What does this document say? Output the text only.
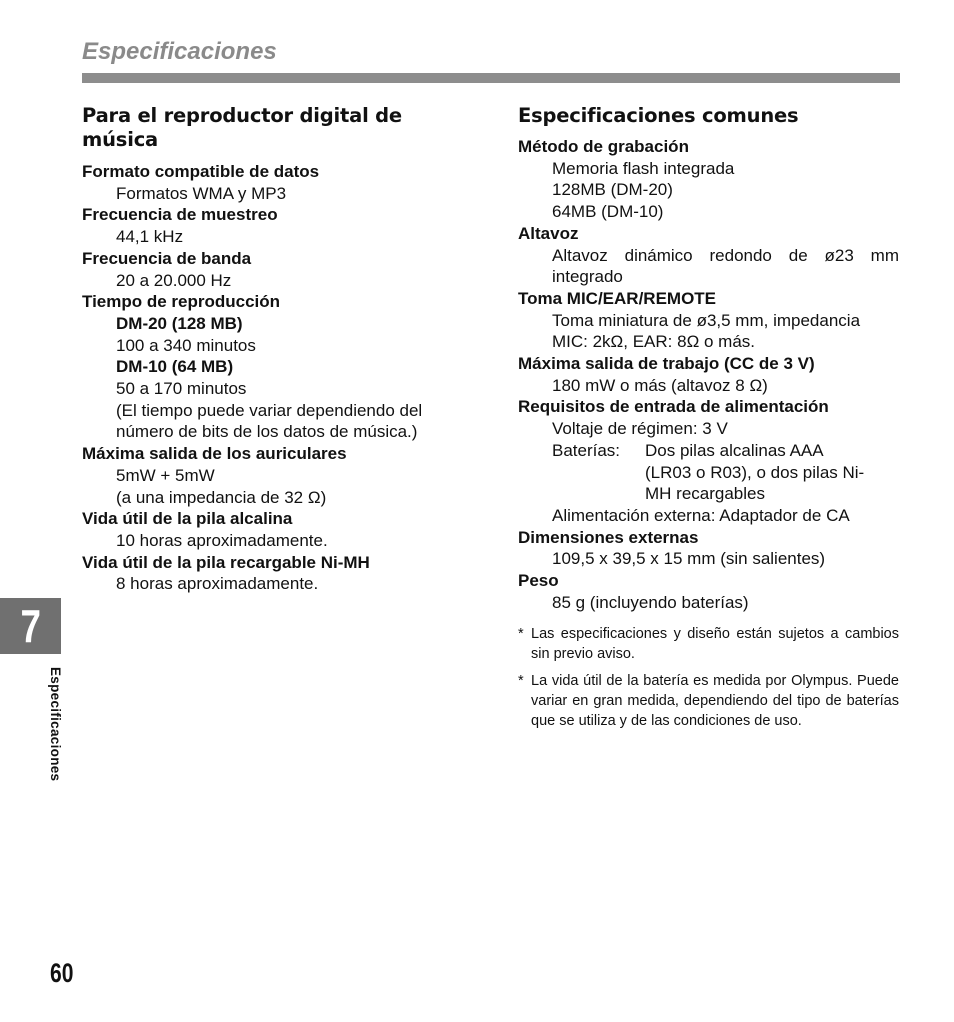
Especificaciones
Para el reproductor digital de
música
Formato compatible de datos
Formatos WMA y MP3
Frecuencia de muestreo
44,1 kHz
Frecuencia de banda
20 a 20.000 Hz
Tiempo de reproducción
DM-20 (128 MB)
100 a 340 minutos
DM-10 (64 MB)
50 a 170 minutos
(El tiempo puede variar dependiendo del número de bits de los datos de música.)
Máxima salida de los auriculares
5mW + 5mW
(a una impedancia de 32 Ω)
Vida útil de la pila alcalina
10 horas aproximadamente.
Vida útil de la pila recargable Ni-MH
8 horas aproximadamente.
Especificaciones comunes
Método de grabación
Memoria flash integrada
128MB (DM-20)
64MB (DM-10)
Altavoz
Altavoz dinámico redondo de ø23 mm integrado
Toma MIC/EAR/REMOTE
Toma miniatura de ø3,5 mm, impedancia MIC: 2kΩ, EAR: 8Ω o más.
Máxima salida de trabajo (CC de 3 V)
180 mW o más (altavoz 8 Ω)
Requisitos de entrada de alimentación
Voltaje de régimen: 3 V
Baterías:	Dos pilas alcalinas AAA
(LR03 o R03), o dos pilas Ni-
MH recargables
Alimentación externa: Adaptador de CA
Dimensiones externas
109,5 x 39,5 x 15 mm (sin salientes)
Peso
85 g (incluyendo baterías)
* Las especificaciones y diseño están sujetos a cambios sin previo aviso.
* La vida útil de la batería es medida por Olympus. Puede variar en gran medida, dependiendo del tipo de baterías que se utiliza y de las condiciones de uso.
7
Especificaciones
60
